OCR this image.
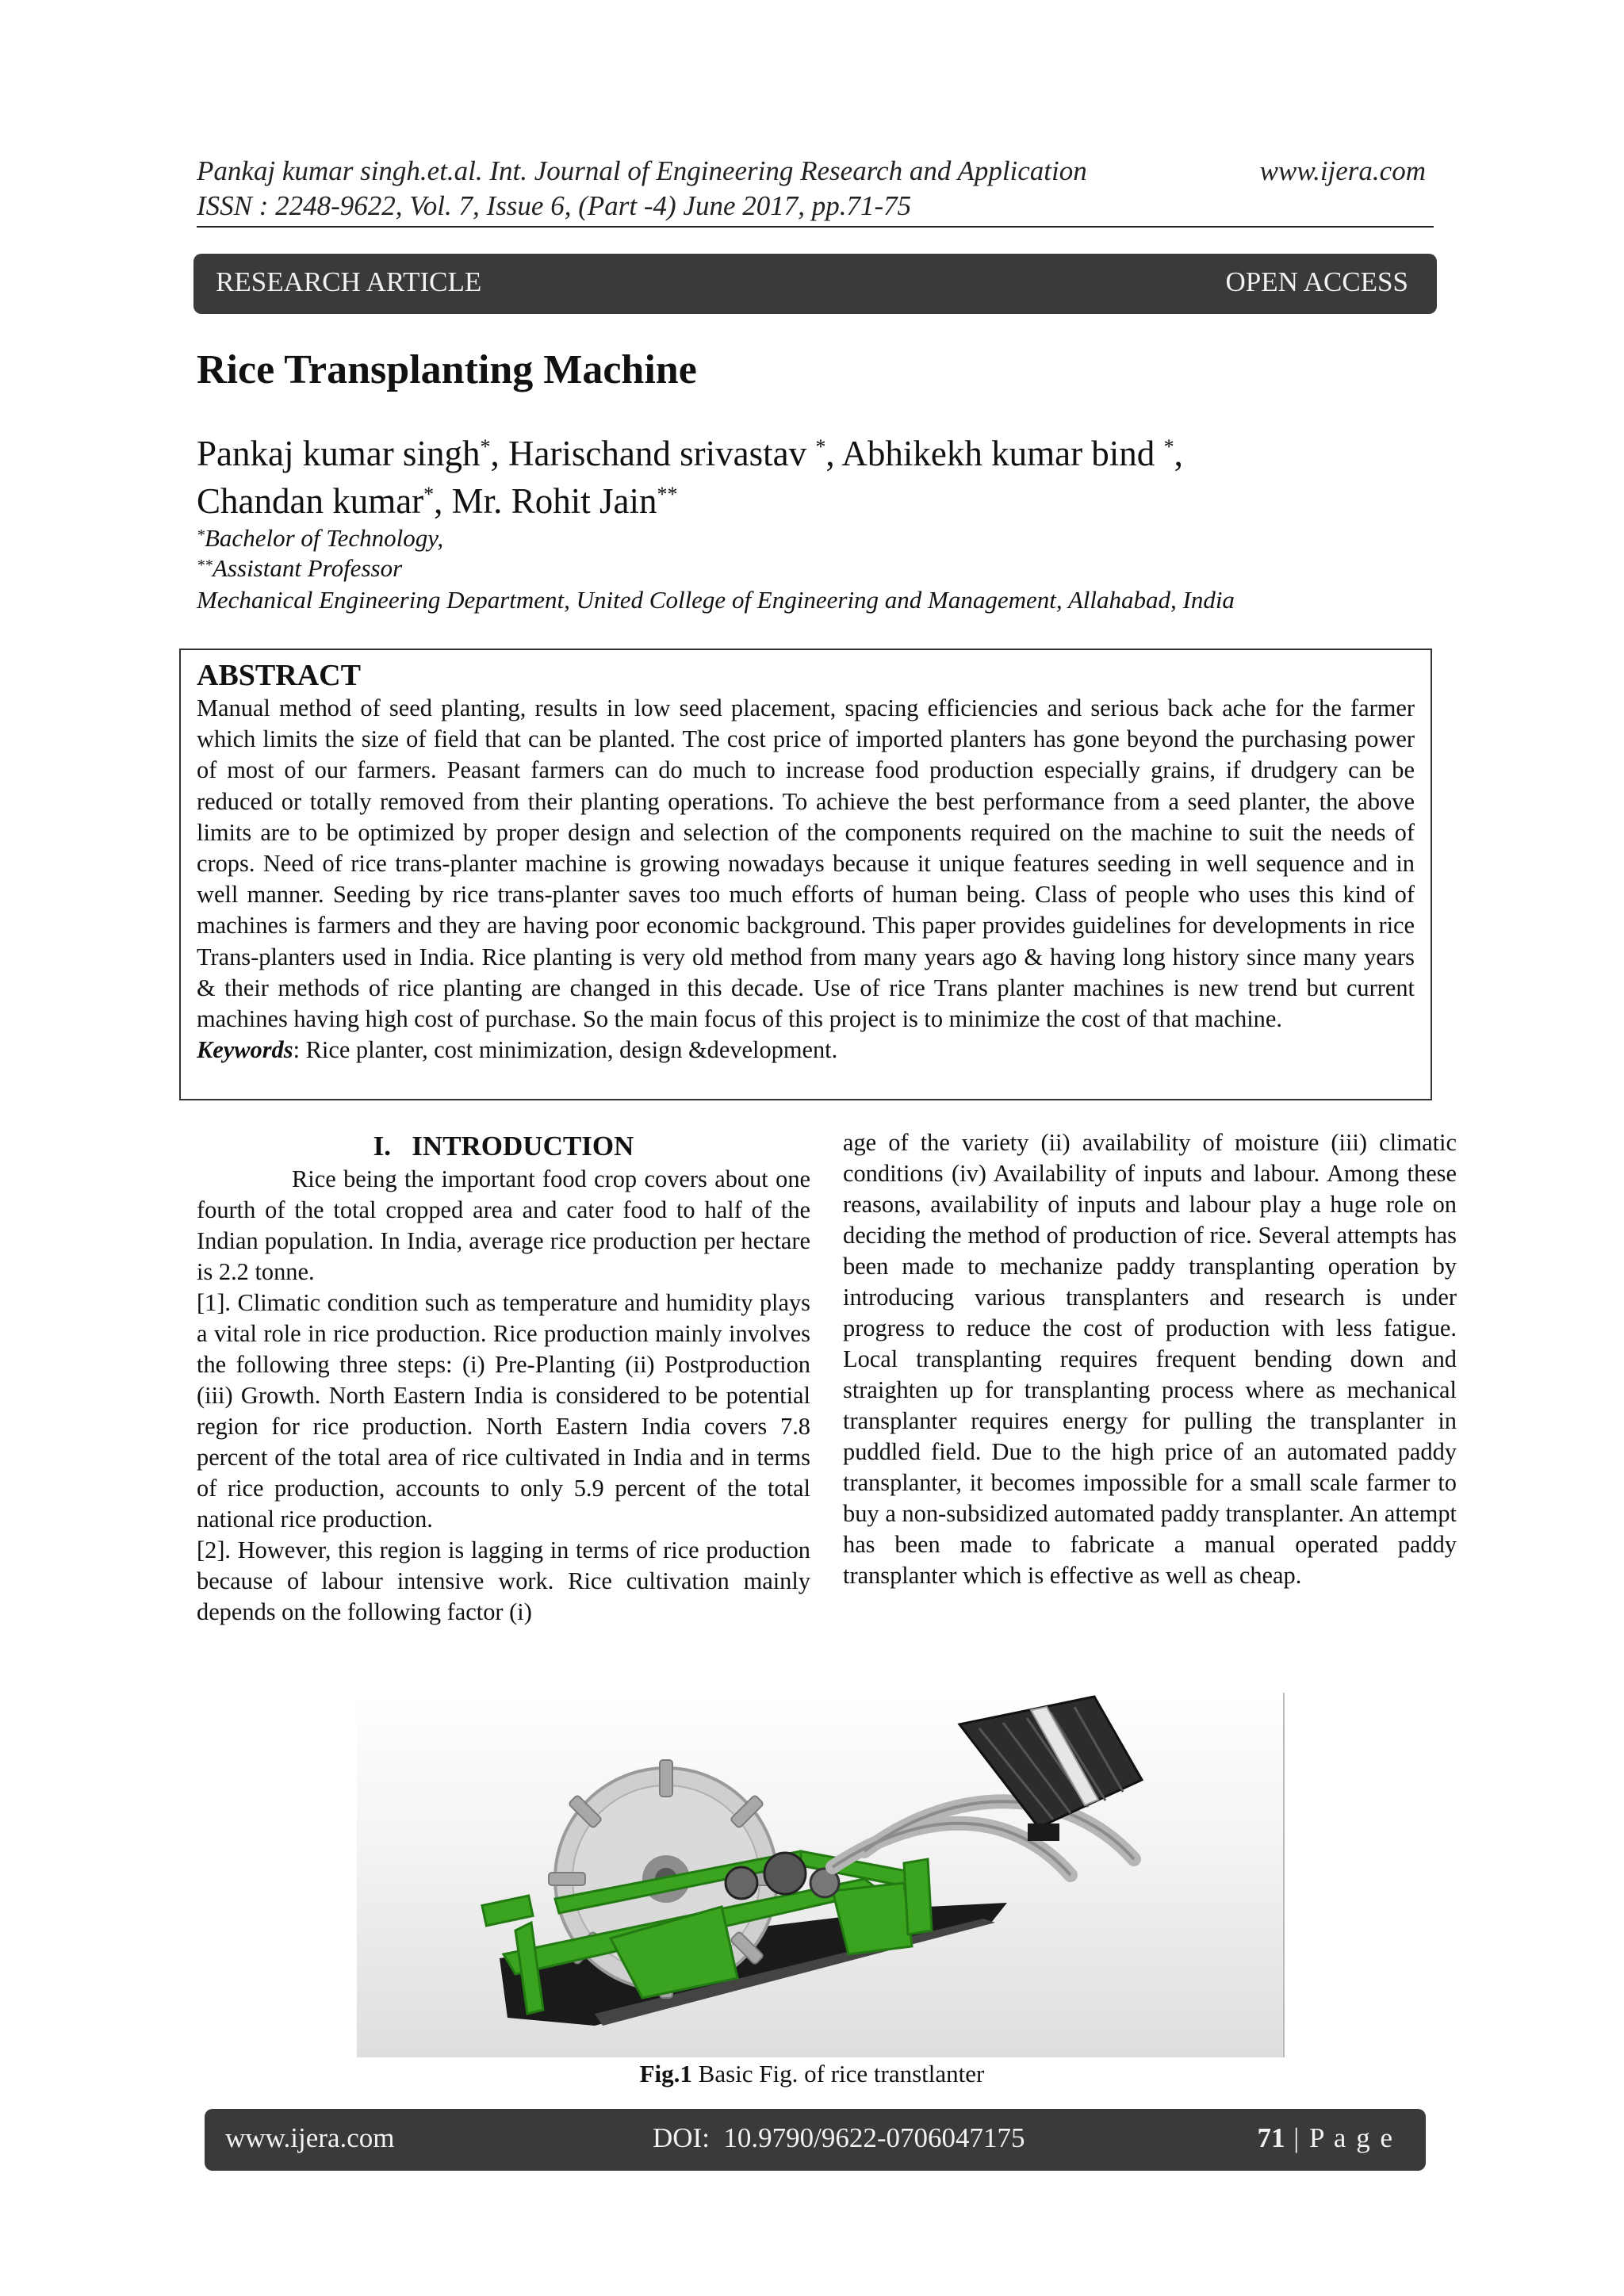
Pankaj kumar singh.et.al. Int. Journal of Engineering Research and Application
ISSN : 2248-9622, Vol. 7, Issue 6, (Part -4) June 2017, pp.71-75
www.ijera.com
RESEARCH ARTICLE	OPEN ACCESS
Rice Transplanting Machine
Pankaj kumar singh*, Harischand srivastav *, Abhikekh kumar bind *,
Chandan kumar*, Mr. Rohit Jain**
*Bachelor of Technology,
**Assistant Professor
Mechanical Engineering Department, United College of Engineering and Management, Allahabad, India
ABSTRACT
Manual method of seed planting, results in low seed placement, spacing efficiencies and serious back ache for the farmer which limits the size of field that can be planted. The cost price of imported planters has gone beyond the purchasing power of most of our farmers. Peasant farmers can do much to increase food production especially grains, if drudgery can be reduced or totally removed from their planting operations. To achieve the best performance from a seed planter, the above limits are to be optimized by proper design and selection of the components required on the machine to suit the needs of crops. Need of rice trans-planter machine is growing nowadays because it unique features seeding in well sequence and in well manner. Seeding by rice trans-planter saves too much efforts of human being. Class of people who uses this kind of machines is farmers and they are having poor economic background. This paper provides guidelines for developments in rice Trans-planters used in India. Rice planting is very old method from many years ago & having long history since many years & their methods of rice planting are changed in this decade. Use of rice Trans planter machines is new trend but current machines having high cost of purchase. So the main focus of this project is to minimize the cost of that machine.
Keywords: Rice planter, cost minimization, design &development.
I.   INTRODUCTION

Rice being the important food crop covers about one fourth of the total cropped area and cater food to half of the Indian population. In India, average rice production per hectare is 2.2 tonne.

[1]. Climatic condition such as temperature and humidity plays a vital role in rice production. Rice production mainly involves the following three steps: (i) Pre-Planting (ii) Postproduction (iii) Growth. North Eastern India is considered to be potential region for rice production. North Eastern India covers 7.8 percent of the total area of rice cultivated in India and in terms of rice production, accounts to only 5.9 percent of the total national rice production.

[2]. However, this region is lagging in terms of rice production because of labour intensive work. Rice cultivation mainly depends on the following factor (i)

age of the variety (ii) availability of moisture (iii) climatic conditions (iv) Availability of inputs and labour. Among these reasons, availability of inputs and labour play a huge role on deciding the method of production of rice. Several attempts has been made to mechanize paddy transplanting operation by introducing various transplanters and research is under progress to reduce the cost of production with less fatigue. Local transplanting requires frequent bending down and straighten up for transplanting process where as mechanical transplanter requires energy for pulling the transplanter in puddled field. Due to the high price of an automated paddy transplanter, it becomes impossible for a small scale farmer to buy a non-subsidized automated paddy transplanter. An attempt has been made to fabricate a manual operated paddy transplanter which is effective as well as cheap.

Fig.1 Basic Fig. of rice transtlanter
www.ijera.com	DOI:  10.9790/9622-0706047175	71 | P a g e
